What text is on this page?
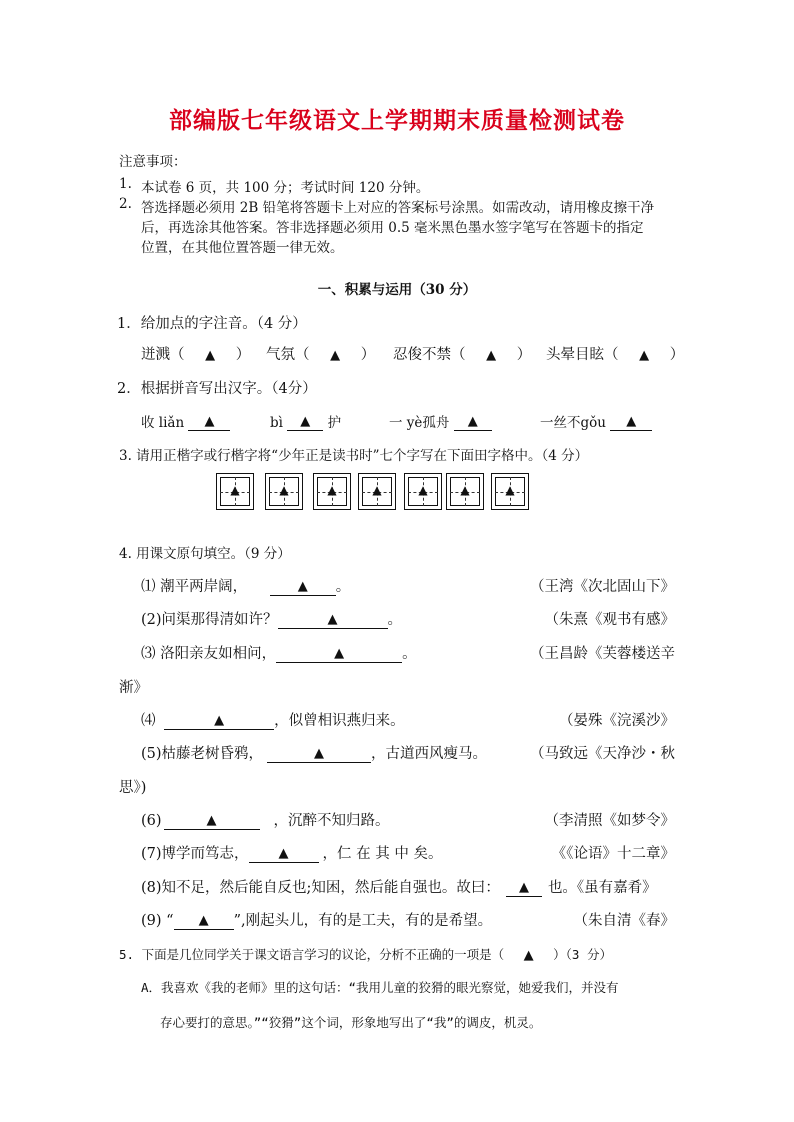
部编版七年级语文上学期期末质量检测试卷
注意事项：
1. 本试卷 6 页，共 100 分；考试时间 120 分钟。
2. 答选择题必须用 2B 铅笔将答题卡上对应的答案标号涂黑。如需改动，请用橡皮擦干净
后，再选涂其他答案。答非选择题必须用 0.5 毫米黑色墨水签字笔写在答题卡的指定
位置，在其他位置答题一律无效。
一、积累与运用（30 分）
1．给加点的字注音。（4 分）
迸溅（ ▲ ） 气氛（ ▲ ） 忍俊不禁（ ▲ ） 头晕目眩（ ▲ ）
2．根据拼音写出汉字。（4分）
收 liǎn ▲	bì ▲ 护	一 yè孤舟 ▲	一丝不gǒu ▲
3. 请用正楷字或行楷字将“少年正是读书时”七个字写在下面田字格中。（4 分）
▲	▲	▲	▲	▲	▲	▲
4. 用课文原句填空。（9 分）
⑴ 潮平两岸阔，	▲ 。	（王湾《次北固山下》
(2)问渠那得清如许？	▲	。	（朱熹《观书有感》
⑶ 洛阳亲友如相问，	▲	。	（王昌龄《芙蓉楼送辛
渐》
⑷	▲	，似曾相识燕归来。	（晏殊《浣溪沙》
(5)枯藤老树昏鸦，	▲	，古道西风瘦马。	（马致远《天净沙・秋
思》)
(6)	▲	，沉醉不知归路。	（李清照《如梦令》
(7)博学而笃志， ▲ ，仁 在 其 中 矣。	《《论语》十二章》
(8)知不足，然后能自反也;知困，然后能自强也。故曰： ▲ 也。《虽有嘉肴》
(9) “ ▲ ”,刚起头儿，有的是工夫，有的是希望。	（朱自清《春》
5. 下面是几位同学关于课文语言学习的议论，分析不正确的一项是（ ▲ ）（3 分）
A．我喜欢《我的老师》里的这句话：“我用儿童的狡猾的眼光察觉，她爱我们，并没有
存心要打的意思。”“狡猾”这个词，形象地写出了“我”的调皮，机灵。
